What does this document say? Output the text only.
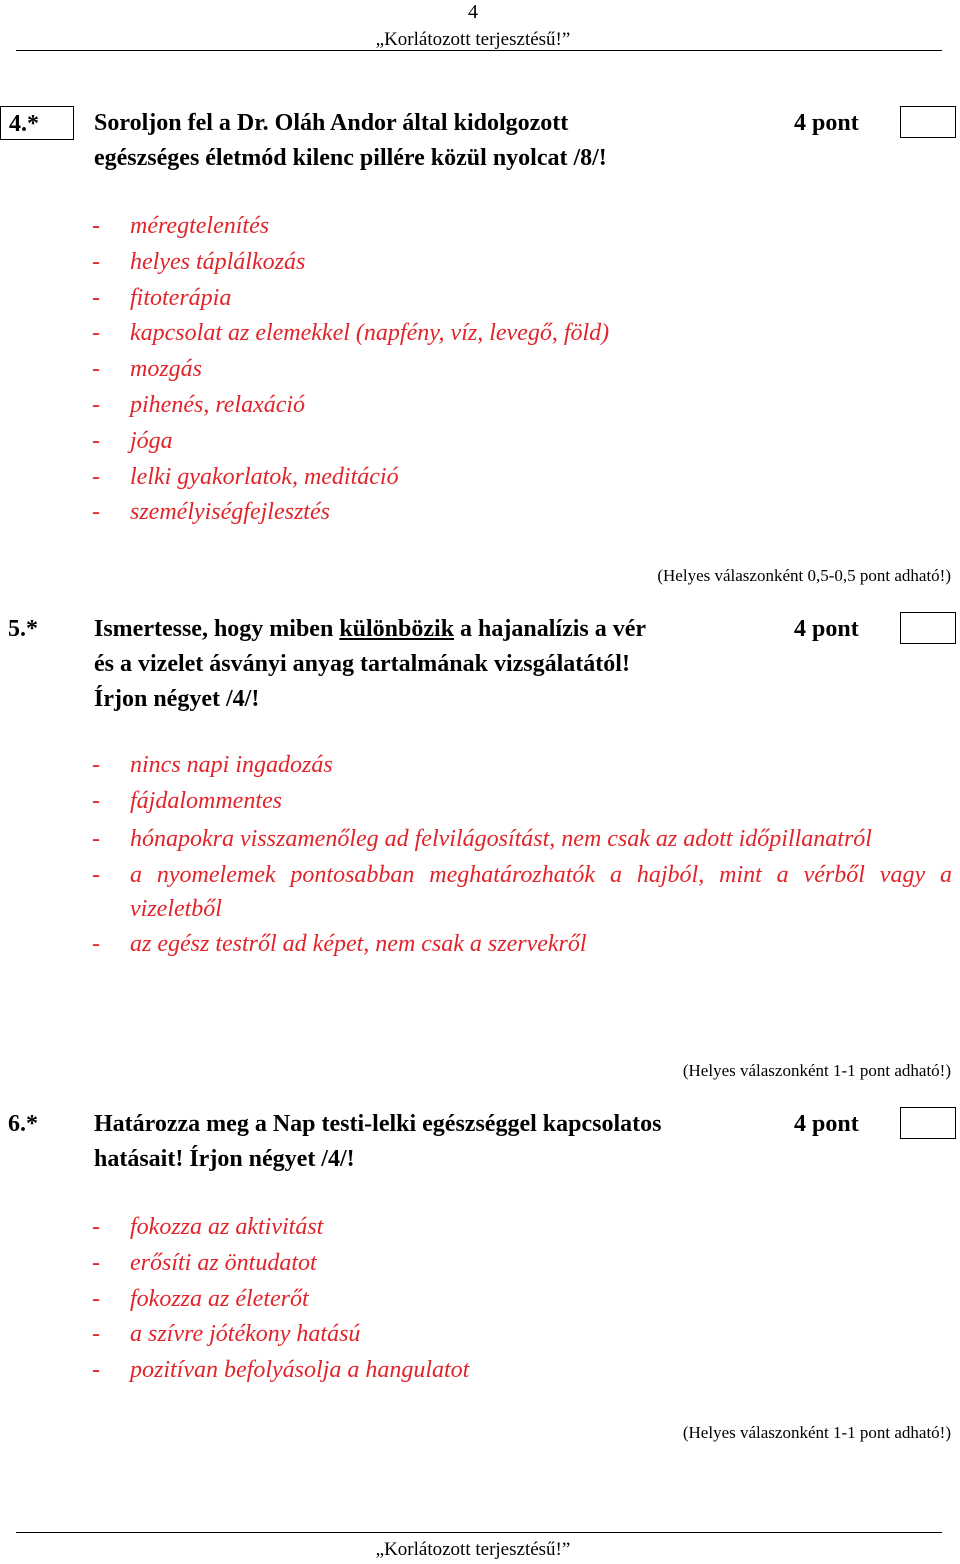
4
„Korlátozott terjesztésű!”
4.*	Soroljon fel a Dr. Oláh Andor által kidolgozott
egészséges életmód kilenc pillére közül nyolcat /8/!
4 pont
- méregtelenítés
- helyes táplálkozás
- fitoterápia
- kapcsolat az elemekkel (napfény, víz, levegő, föld)
- mozgás
- pihenés, relaxáció
- jóga
- lelki gyakorlatok, meditáció
- személyiségfejlesztés
(Helyes válaszonként 0,5-0,5 pont adható!)
5.* Ismertesse, hogy miben különbözik a hajanalízis a vér
és a vizelet ásványi anyag tartalmának vizsgálatától!
Írjon négyet /4/!
4 pont
- nincs napi ingadozás
- fájdalommentes
- hónapokra visszamenőleg ad felvilágosítást, nem csak az adott időpillanatról
- a nyomelemek pontosabban meghatározhatók a hajból, mint a vérből vagy a vizeletből
- az egész testről ad képet, nem csak a szervekről
(Helyes válaszonként 1-1 pont adható!)
6.* Határozza meg a Nap testi-lelki egészséggel kapcsolatos
hatásait! Írjon négyet /4/!
4 pont
- fokozza az aktivitást
- erősíti az öntudatot
- fokozza az életerőt
- a szívre jótékony hatású
- pozitívan befolyásolja a hangulatot
(Helyes válaszonként 1-1 pont adható!)
„Korlátozott terjesztésű!”
